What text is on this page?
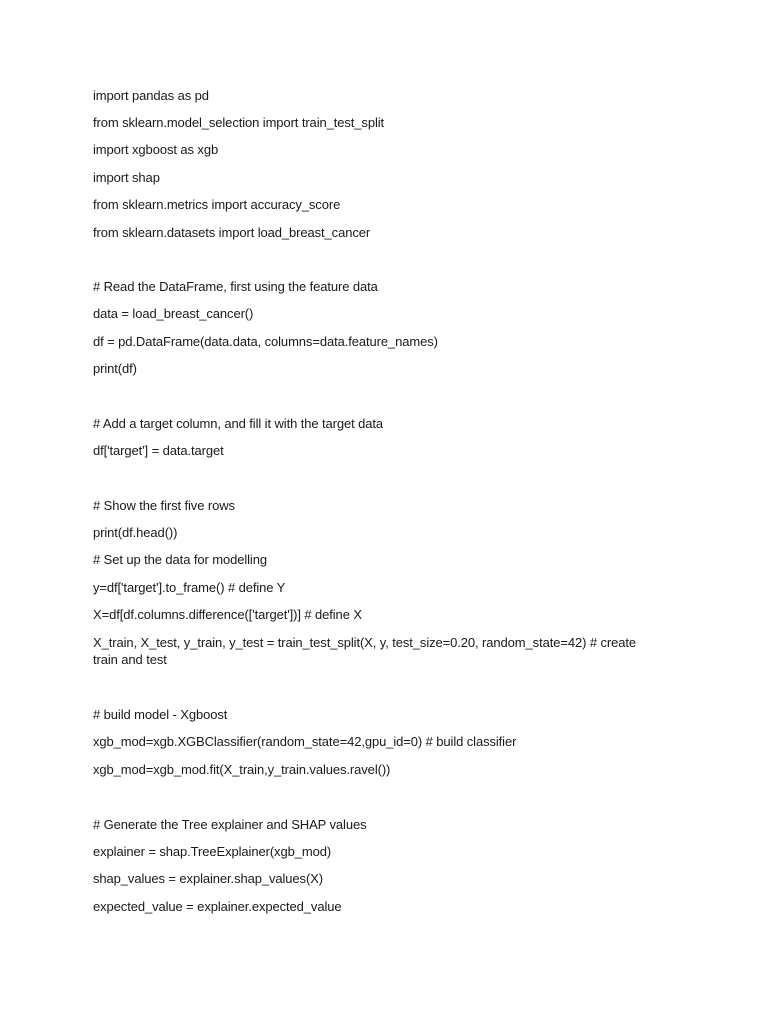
import pandas as pd
from sklearn.model_selection import train_test_split
import xgboost as xgb
import shap
from sklearn.metrics import accuracy_score
from sklearn.datasets import load_breast_cancer
# Read the DataFrame, first using the feature data
data = load_breast_cancer()
df = pd.DataFrame(data.data, columns=data.feature_names)
print(df)
# Add a target column, and fill it with the target data
df['target'] = data.target
# Show the first five rows
print(df.head())
# Set up the data for modelling
y=df['target'].to_frame() # define Y
X=df[df.columns.difference(['target'])] # define X
X_train, X_test, y_train, y_test = train_test_split(X, y, test_size=0.20, random_state=42) # create train and test
# build model - Xgboost
xgb_mod=xgb.XGBClassifier(random_state=42,gpu_id=0) # build classifier
xgb_mod=xgb_mod.fit(X_train,y_train.values.ravel())
# Generate the Tree explainer and SHAP values
explainer = shap.TreeExplainer(xgb_mod)
shap_values = explainer.shap_values(X)
expected_value = explainer.expected_value
